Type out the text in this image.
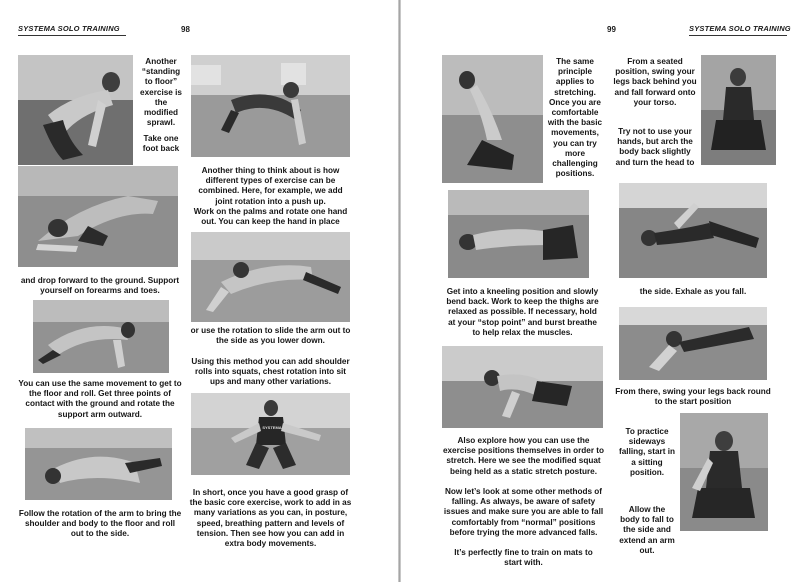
SYSTEMA SOLO TRAINING	98
Another “standing to floor” exercise is the modified sprawl.
Take one foot back
and drop forward to the ground. Support yourself on forearms and toes.
You can use the same movement to get to the floor and roll. Get three points of contact with the ground and rotate the support arm outward.
Follow the rotation of the arm to bring the shoulder and body to the floor and roll out to the side.
Another thing to think about is how different types of exercise can be combined. Here, for example, we add joint rotation into a push up.
Work on the palms and rotate one hand out. You can keep the hand in place
or use the rotation to slide the arm out to the side as you lower down.
Using this method you can add shoulder rolls into squats, chest rotation into sit ups and many other variations.
SYSTEMA
In short, once you have a good grasp of the basic core exercise, work to add in as many variations as you can, in posture, speed, breathing pattern and levels of tension. Then see how you can add in extra body movements.
99	SYSTEMA SOLO TRAINING
The same principle applies to stretching. Once you are comfortable with the basic movements, you can try more challenging positions.
From a seated position, swing your legs back behind you and fall forward onto your torso.
Try not to use your hands, but arch the body back slightly and turn the head to
Get into a kneeling position and slowly bend back. Work to keep the thighs are relaxed as possible. If necessary, hold at your “stop point” and burst breathe to help relax the muscles.
the side. Exhale as you fall.
From there, swing your legs back round to the start position
To practice sideways falling, start in a sitting position.
Allow the body to fall to the side and extend an arm out.
Also explore how you can use the exercise positions themselves in order to stretch. Here we see the modified squat being held as a static stretch posture.
Now let’s look at some other methods of falling. As always, be aware of safety issues and make sure you are able to fall comfortably from “normal” positions before trying the more advanced falls.
It’s perfectly fine to train on mats to start with.
